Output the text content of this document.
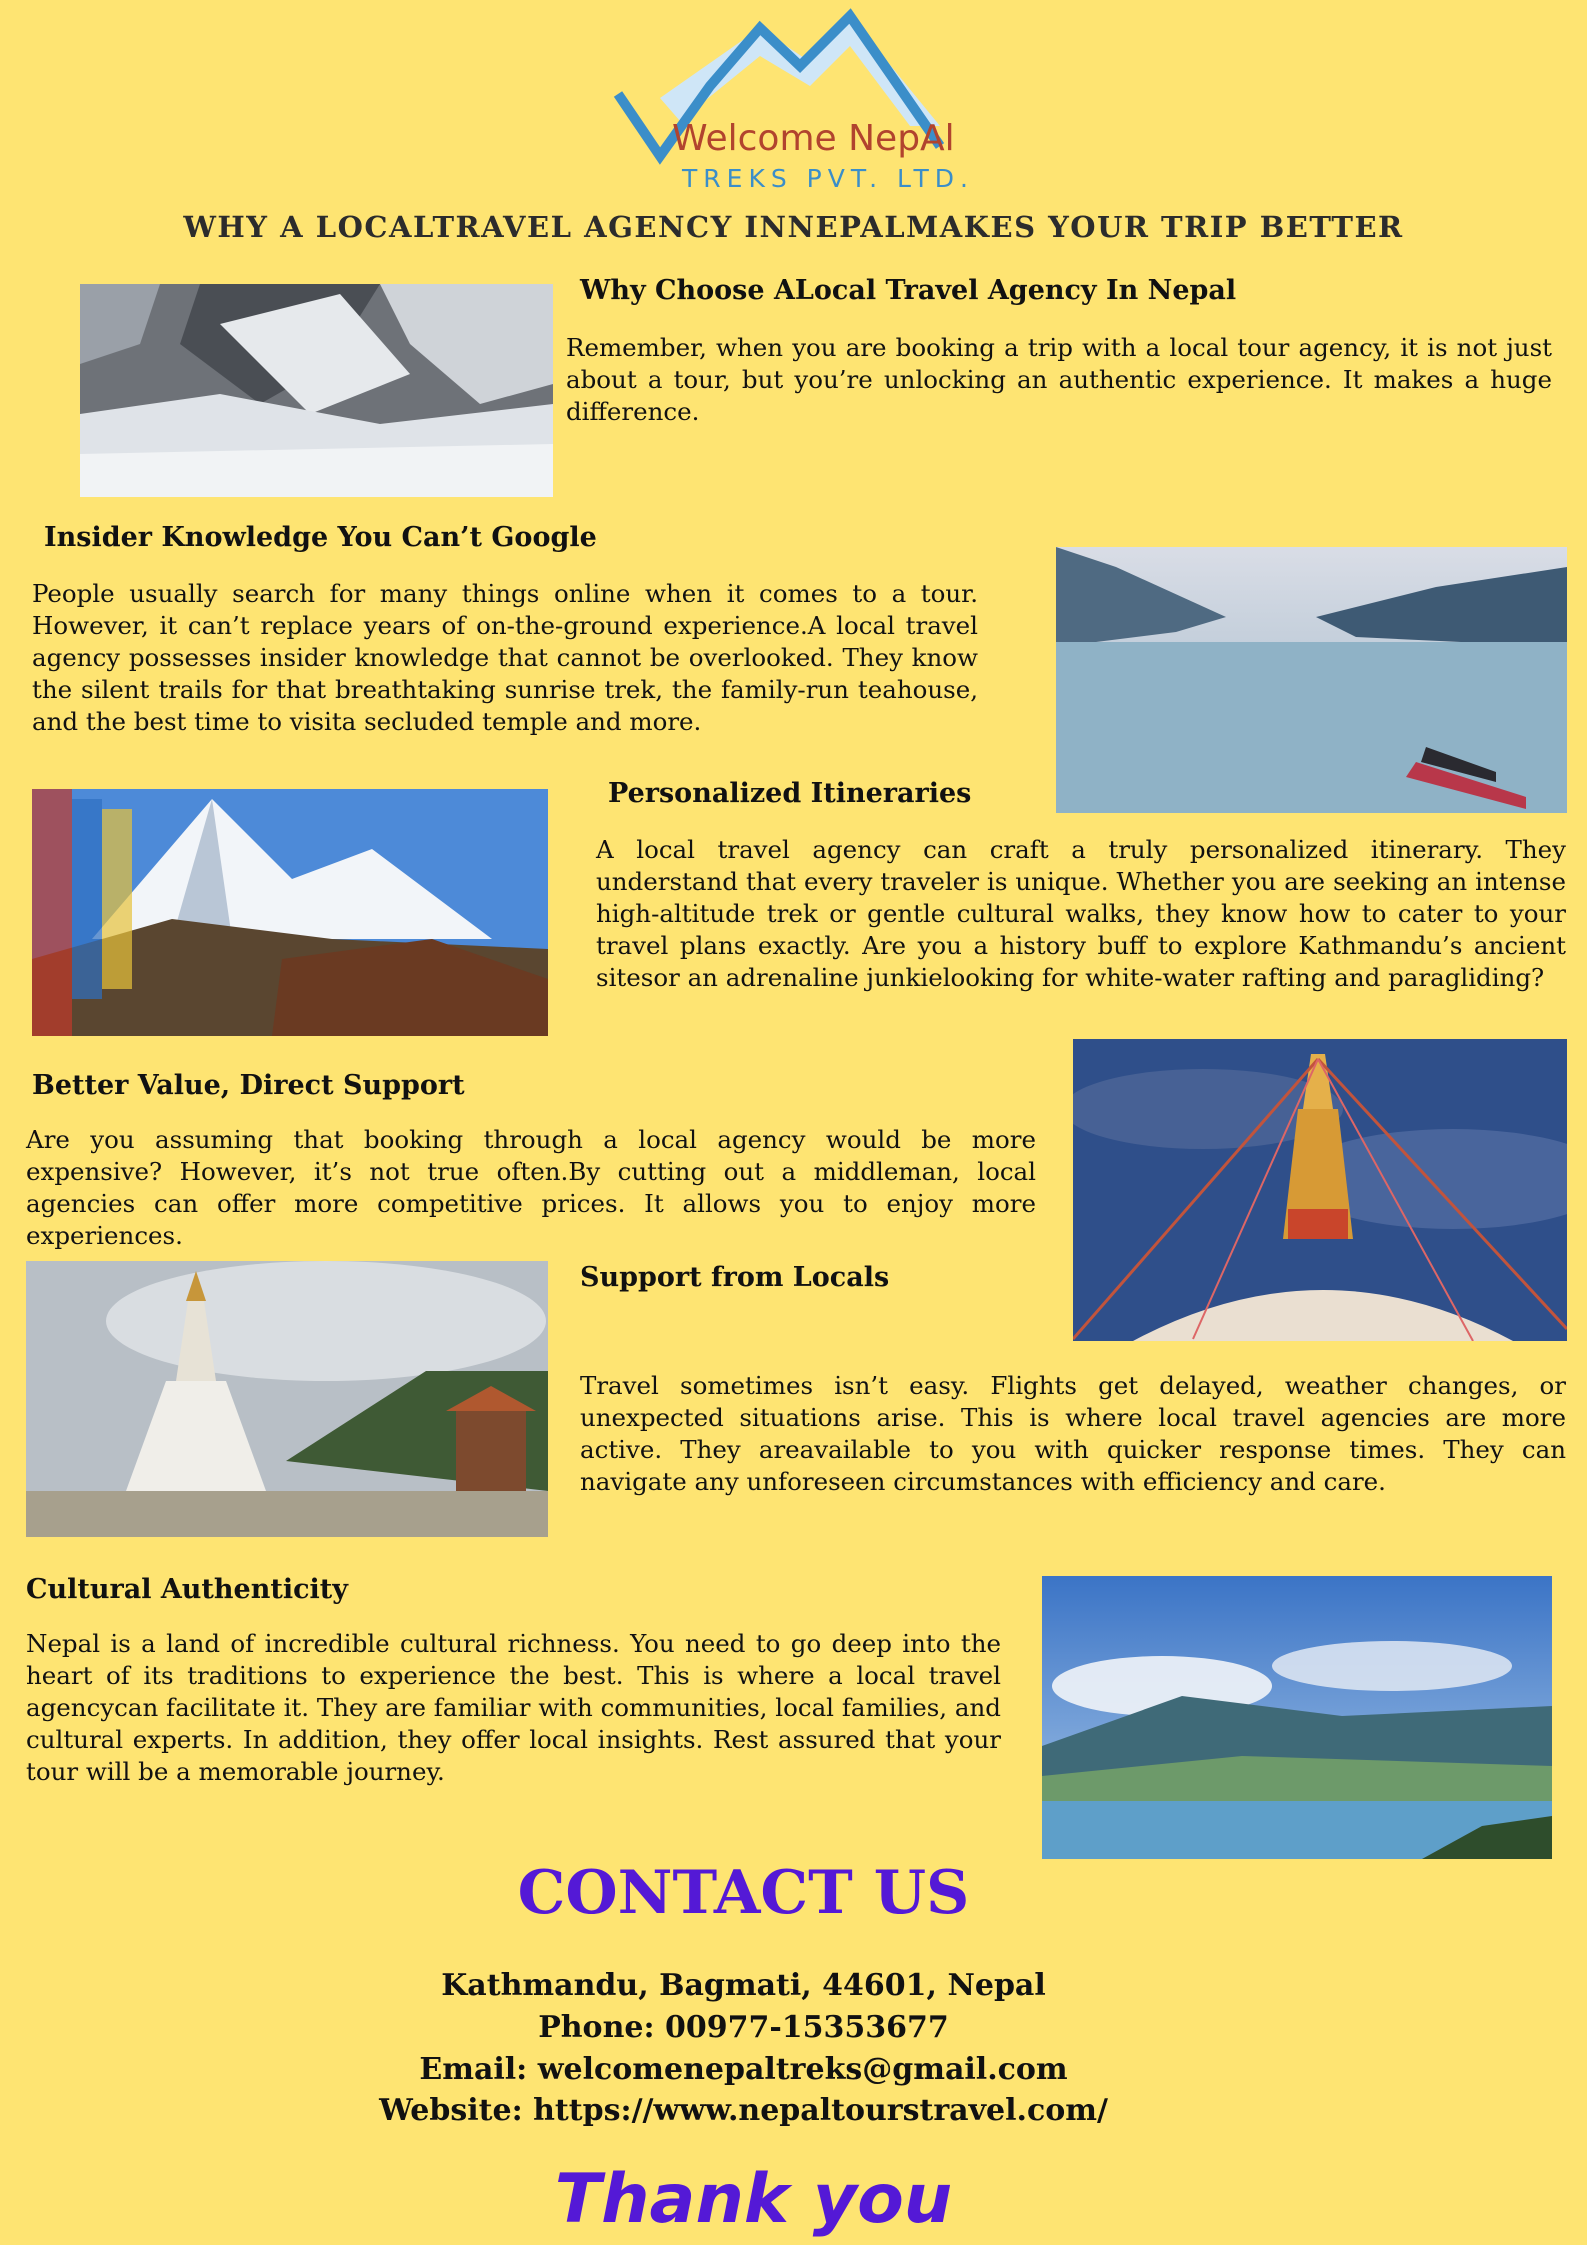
Welcome NepAl
TREKS PVT. LTD.
WHY A LOCALTRAVEL AGENCY INNEPALMAKES YOUR TRIP BETTER
Why Choose ALocal Travel Agency In Nepal

Remember, when you are booking a trip with a local tour agency, it is not just about a tour, but you’re unlocking an authentic experience. It makes a huge difference.

Insider Knowledge You Can’t Google

People usually search for many things online when it comes to a tour. However, it can’t replace years of on-the-ground experience.A local travel agency possesses insider knowledge that cannot be overlooked. They know the silent trails for that breathtaking sunrise trek, the family-run teahouse, and the best time to visita secluded temple and more.

Personalized Itineraries

A local travel agency can craft a truly personalized itinerary. They understand that every traveler is unique. Whether you are seeking an intense high-altitude trek or gentle cultural walks, they know how to cater to your travel plans exactly. Are you a history buff to explore Kathmandu’s ancient sitesor an adrenaline junkielooking for white-water rafting and paragliding?

Better Value, Direct Support

Are you assuming that booking through a local agency would be more expensive? However, it’s not true often.By cutting out a middleman, local agencies can offer more competitive prices. It allows you to enjoy more experiences.

Support from Locals

Travel sometimes isn’t easy. Flights get delayed, weather changes, or unexpected situations arise. This is where local travel agencies are more active. They areavailable to you with quicker response times. They can navigate any unforeseen circumstances with efficiency and care.

Cultural Authenticity

Nepal is a land of incredible cultural richness. You need to go deep into the heart of its traditions to experience the best. This is where a local travel agencycan facilitate it. They are familiar with communities, local families, and cultural experts. In addition, they offer local insights. Rest assured that your tour will be a memorable journey.

CONTACT US
Kathmandu, Bagmati, 44601, Nepal
Phone: 00977-15353677
Email: welcomenepaltreks@gmail.com
Website: https://www.nepaltourstravel.com/
Thank you
